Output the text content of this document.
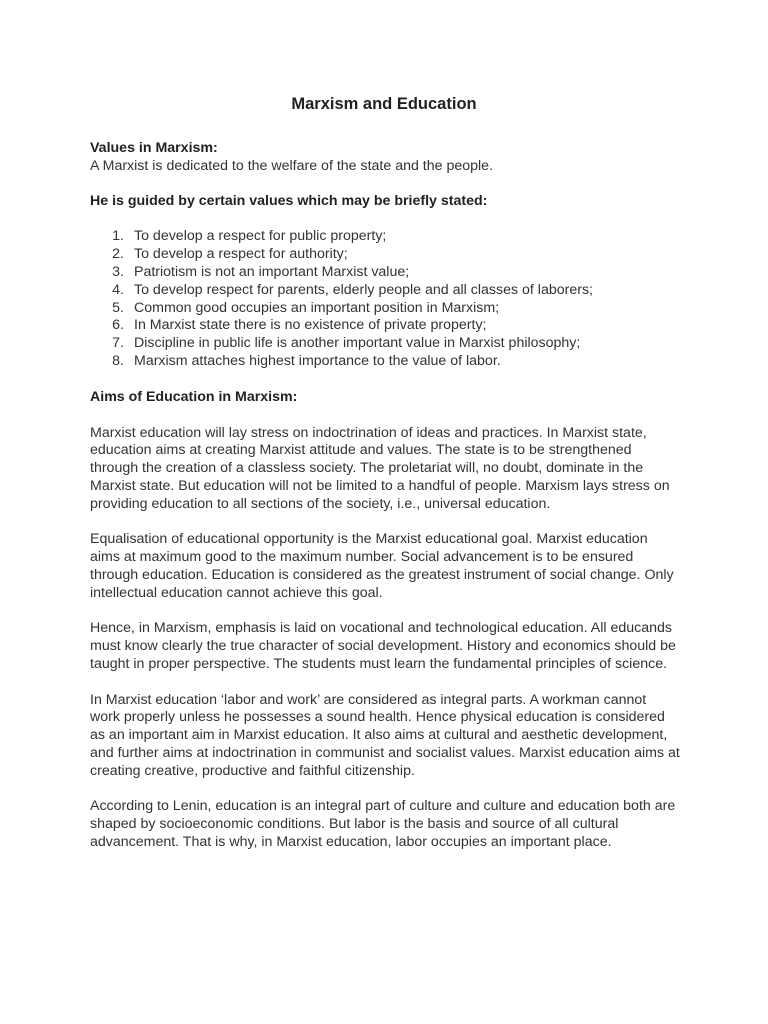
Marxism and Education

Values in Marxism:

A Marxist is dedicated to the welfare of the state and the people.

He is guided by certain values which may be briefly stated:

1. To develop a respect for public property;
2. To develop a respect for authority;
3. Patriotism is not an important Marxist value;
4. To develop respect for parents, elderly people and all classes of laborers;
5. Common good occupies an important position in Marxism;
6. In Marxist state there is no existence of private property;
7. Discipline in public life is another important value in Marxist philosophy;
8. Marxism attaches highest importance to the value of labor.

Aims of Education in Marxism:

Marxist education will lay stress on indoctrination of ideas and practices. In Marxist state, education aims at creating Marxist attitude and values. The state is to be strengthened through the creation of a classless society. The proletariat will, no doubt, dominate in the Marxist state. But education will not be limited to a handful of people. Marxism lays stress on providing education to all sections of the society, i.e., universal education.

Equalisation of educational opportunity is the Marxist educational goal. Marxist education aims at maximum good to the maximum number. Social advancement is to be ensured through education. Education is considered as the greatest instrument of social change. Only intellectual education cannot achieve this goal.

Hence, in Marxism, emphasis is laid on vocational and technological education. All educands must know clearly the true character of social development. History and economics should be taught in proper perspective. The students must learn the fundamental principles of science.

In Marxist education ‘labor and work’ are considered as integral parts. A workman cannot work properly unless he possesses a sound health. Hence physical education is considered as an important aim in Marxist education. It also aims at cultural and aesthetic development, and further aims at indoctrination in communist and socialist values. Marxist education aims at creating creative, productive and faithful citizenship.

According to Lenin, education is an integral part of culture and culture and education both are shaped by socioeconomic conditions. But labor is the basis and source of all cultural advancement. That is why, in Marxist education, labor occupies an important place.
